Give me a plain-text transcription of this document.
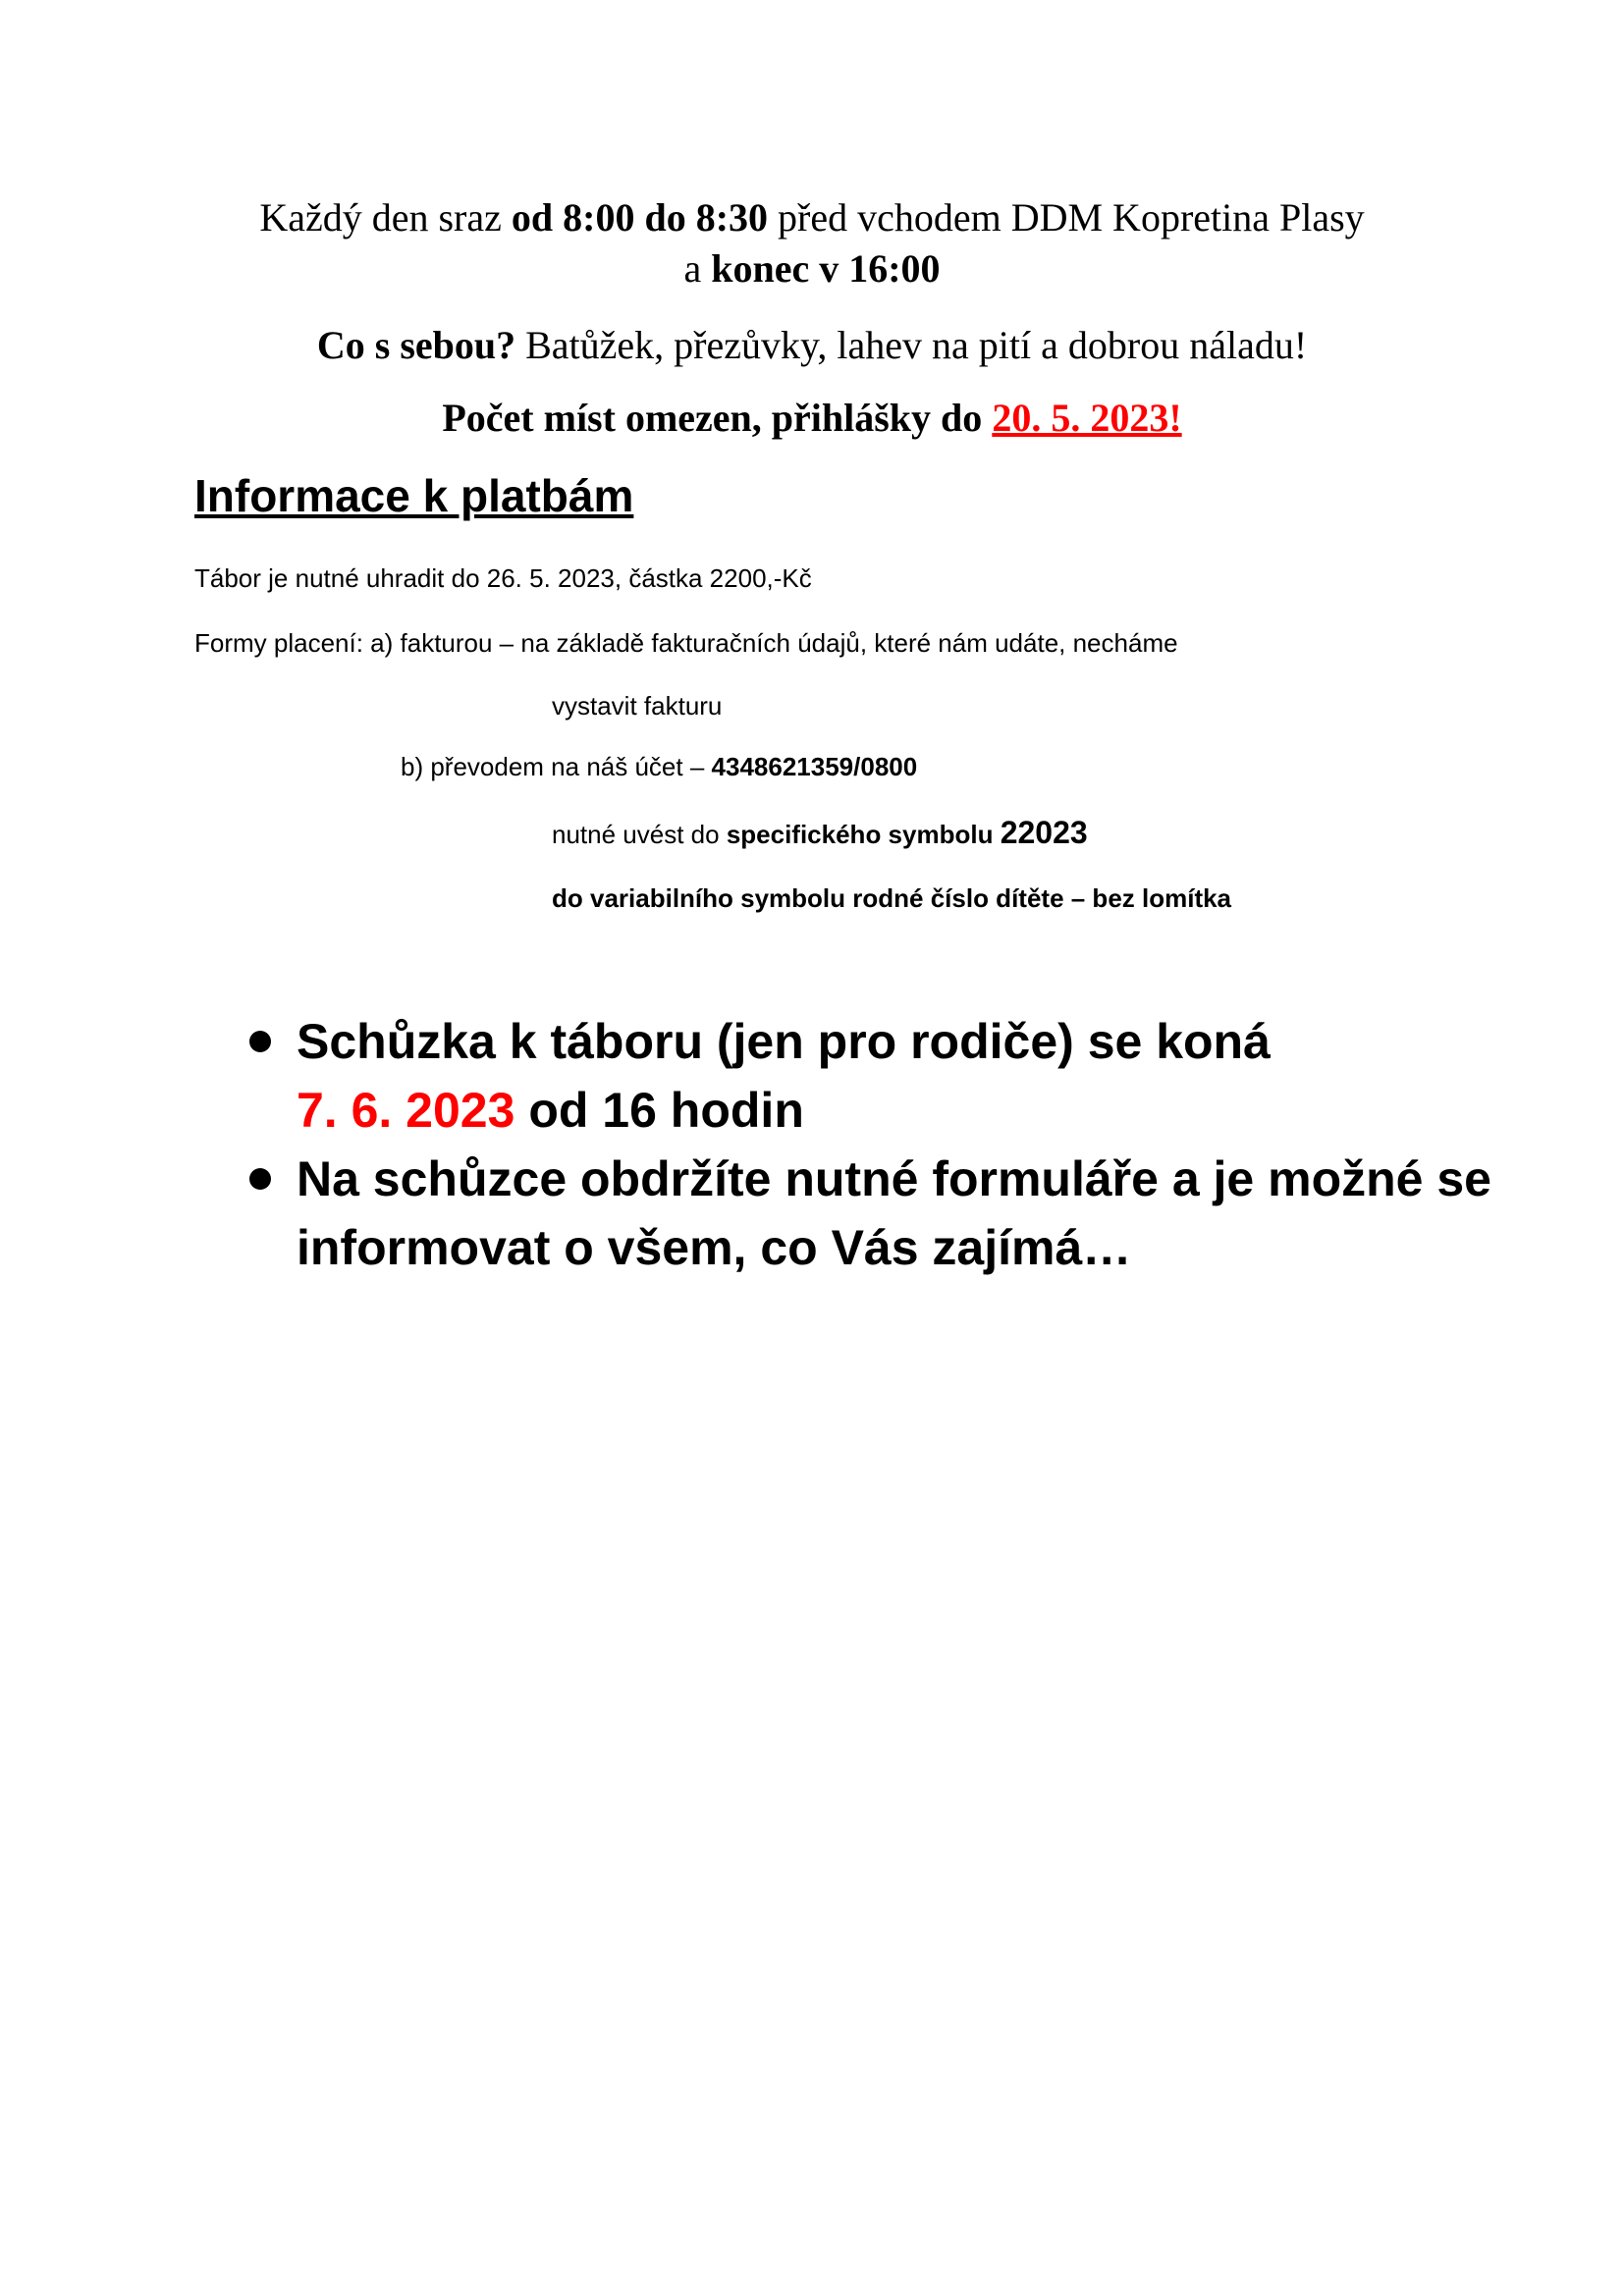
Každý den sraz od 8:00 do 8:30 před vchodem DDM Kopretina Plasy
a konec v 16:00
Co s sebou? Batůžek, přezůvky, lahev na pití a dobrou náladu!
Počet míst omezen, přihlášky do 20. 5. 2023!
Informace k platbám
Tábor je nutné uhradit do 26. 5. 2023, částka 2200,-Kč
Formy placení: a) fakturou – na základě fakturačních údajů, které nám udáte, necháme
vystavit fakturu
b) převodem na náš účet – 4348621359/0800
nutné uvést do specifického symbolu 22023
do variabilního symbolu rodné číslo dítěte – bez lomítka
Schůzka k táboru (jen pro rodiče) se koná
7. 6. 2023 od 16 hodin
Na schůzce obdržíte nutné formuláře a je možné se informovat o všem, co Vás zajímá…
